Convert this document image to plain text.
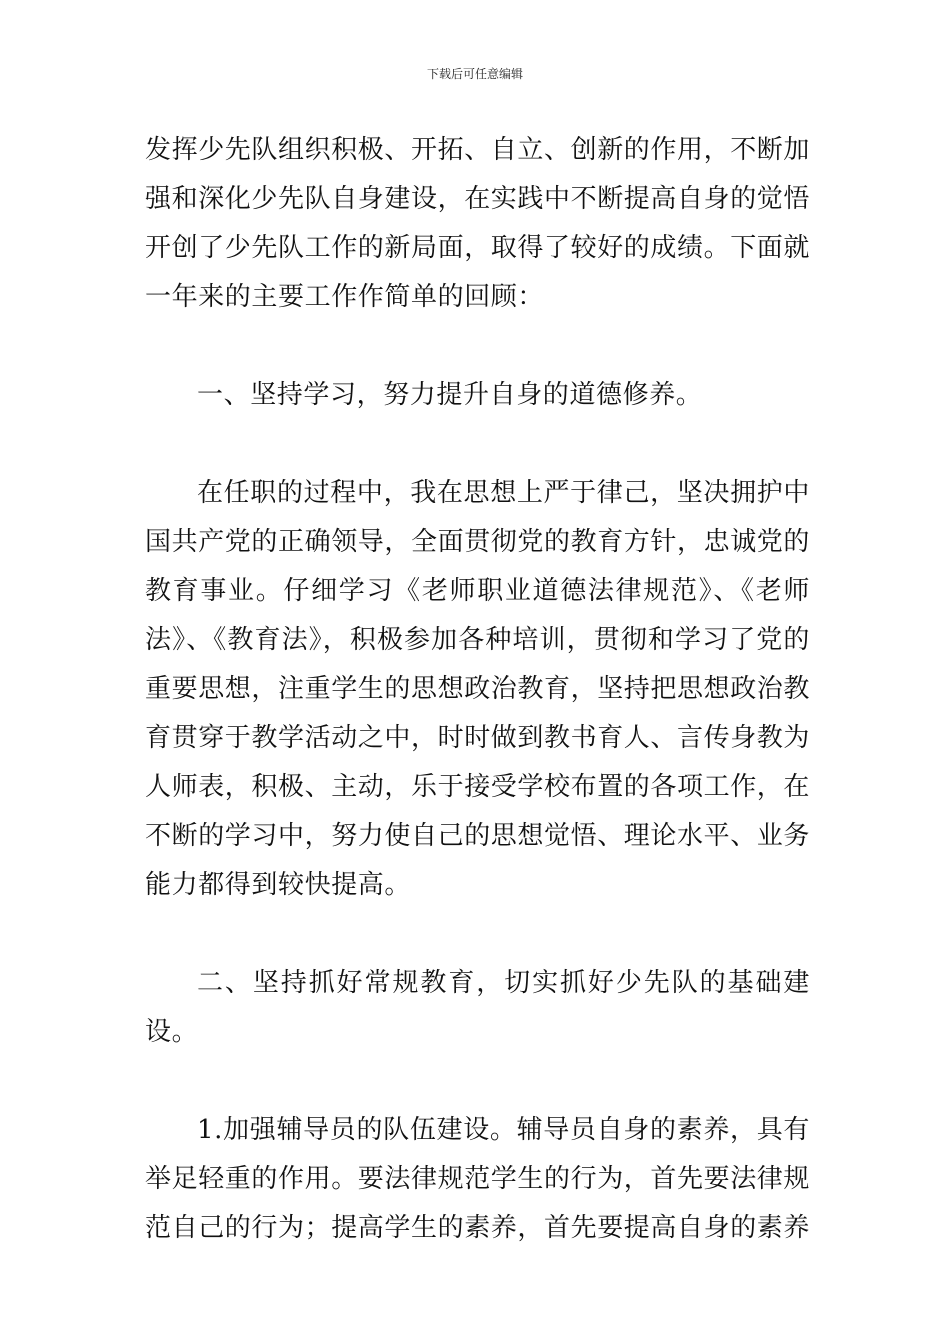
下载后可任意编辑

发挥少先队组织积极、开拓、自立、创新的作用，不断加强和深化少先队自身建设，在实践中不断提高自身的觉悟开创了少先队工作的新局面，取得了较好的成绩。下面就一年来的主要工作作简单的回顾：

一、坚持学习，努力提升自身的道德修养。

在任职的过程中，我在思想上严于律己，坚决拥护中国共产党的正确领导，全面贯彻党的教育方针，忠诚党的教育事业。仔细学习《老师职业道德法律规范》、《老师法》、《教育法》，积极参加各种培训，贯彻和学习了党的重要思想，注重学生的思想政治教育，坚持把思想政治教育贯穿于教学活动之中，时时做到教书育人、言传身教为人师表，积极、主动，乐于接受学校布置的各项工作，在不断的学习中，努力使自己的思想觉悟、理论水平、业务能力都得到较快提高。

二、坚持抓好常规教育，切实抓好少先队的基础建设。

1.加强辅导员的队伍建设。辅导员自身的素养，具有举足轻重的作用。要法律规范学生的行为，首先要法律规范自己的行为；提高学生的素养，首先要提高自身的素养
